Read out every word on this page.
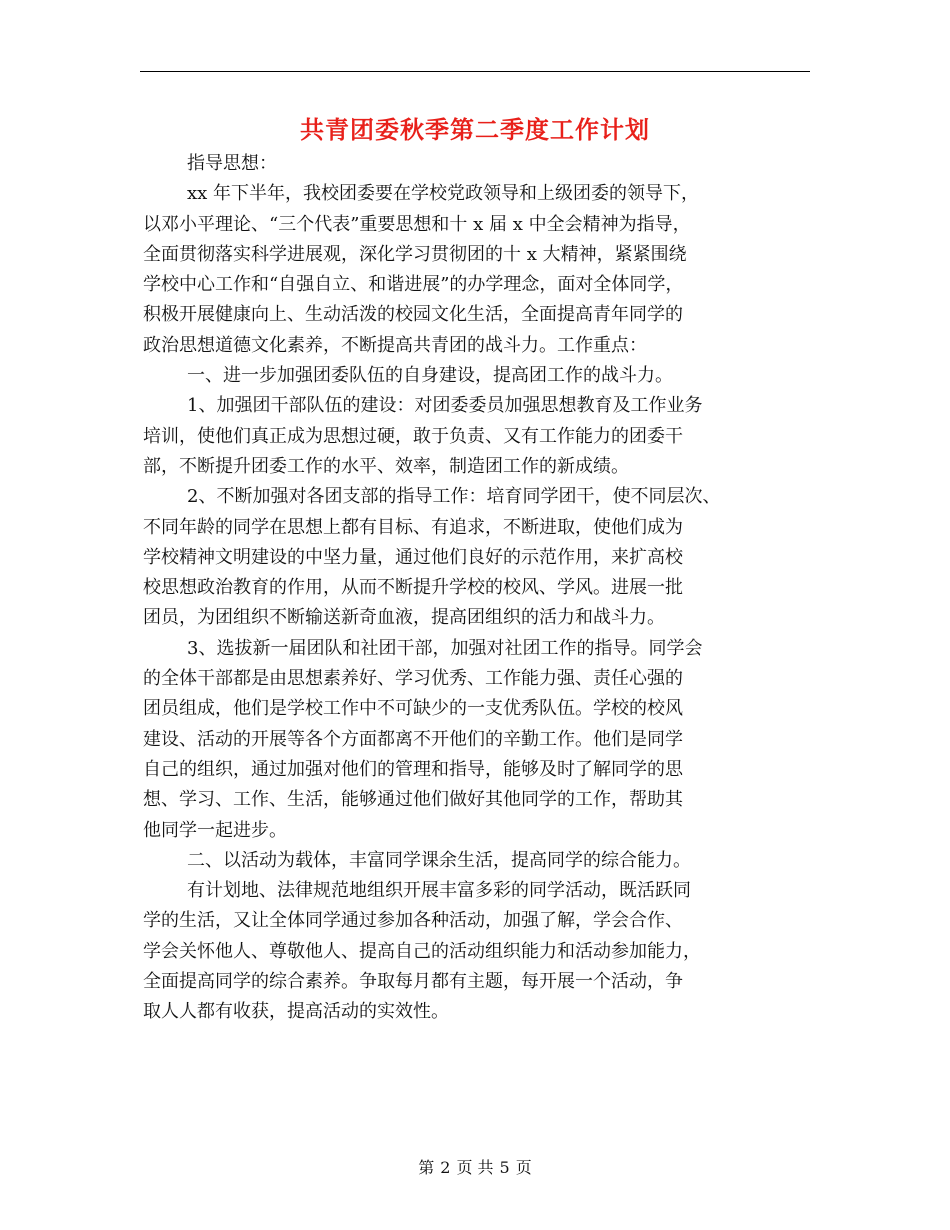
共青团委秋季第二季度工作计划
指导思想：
xx 年下半年，我校团委要在学校党政领导和上级团委的领导下，
以邓小平理论、“三个代表”重要思想和十 x 届 x 中全会精神为指导，
全面贯彻落实科学进展观，深化学习贯彻团的十 x 大精神，紧紧围绕
学校中心工作和“自强自立、和谐进展”的办学理念，面对全体同学，
积极开展健康向上、生动活泼的校园文化生活，全面提高青年同学的
政治思想道德文化素养，不断提高共青团的战斗力。工作重点：
一、进一步加强团委队伍的自身建设，提高团工作的战斗力。
1、加强团干部队伍的建设：对团委委员加强思想教育及工作业务
培训，使他们真正成为思想过硬，敢于负责、又有工作能力的团委干
部，不断提升团委工作的水平、效率，制造团工作的新成绩。
2、不断加强对各团支部的指导工作：培育同学团干，使不同层次、
不同年龄的同学在思想上都有目标、有追求，不断进取，使他们成为
学校精神文明建设的中坚力量，通过他们良好的示范作用，来扩高校
校思想政治教育的作用，从而不断提升学校的校风、学风。进展一批
团员，为团组织不断输送新奇血液，提高团组织的活力和战斗力。
3、选拔新一届团队和社团干部，加强对社团工作的指导。同学会
的全体干部都是由思想素养好、学习优秀、工作能力强、责任心强的
团员组成，他们是学校工作中不可缺少的一支优秀队伍。学校的校风
建设、活动的开展等各个方面都离不开他们的辛勤工作。他们是同学
自己的组织，通过加强对他们的管理和指导，能够及时了解同学的思
想、学习、工作、生活，能够通过他们做好其他同学的工作，帮助其
他同学一起进步。
二、以活动为载体，丰富同学课余生活，提高同学的综合能力。
有计划地、法律规范地组织开展丰富多彩的同学活动，既活跃同
学的生活，又让全体同学通过参加各种活动，加强了解，学会合作、
学会关怀他人、尊敬他人、提高自己的活动组织能力和活动参加能力，
全面提高同学的综合素养。争取每月都有主题，每开展一个活动，争
取人人都有收获，提高活动的实效性。
第 2 页 共 5 页
